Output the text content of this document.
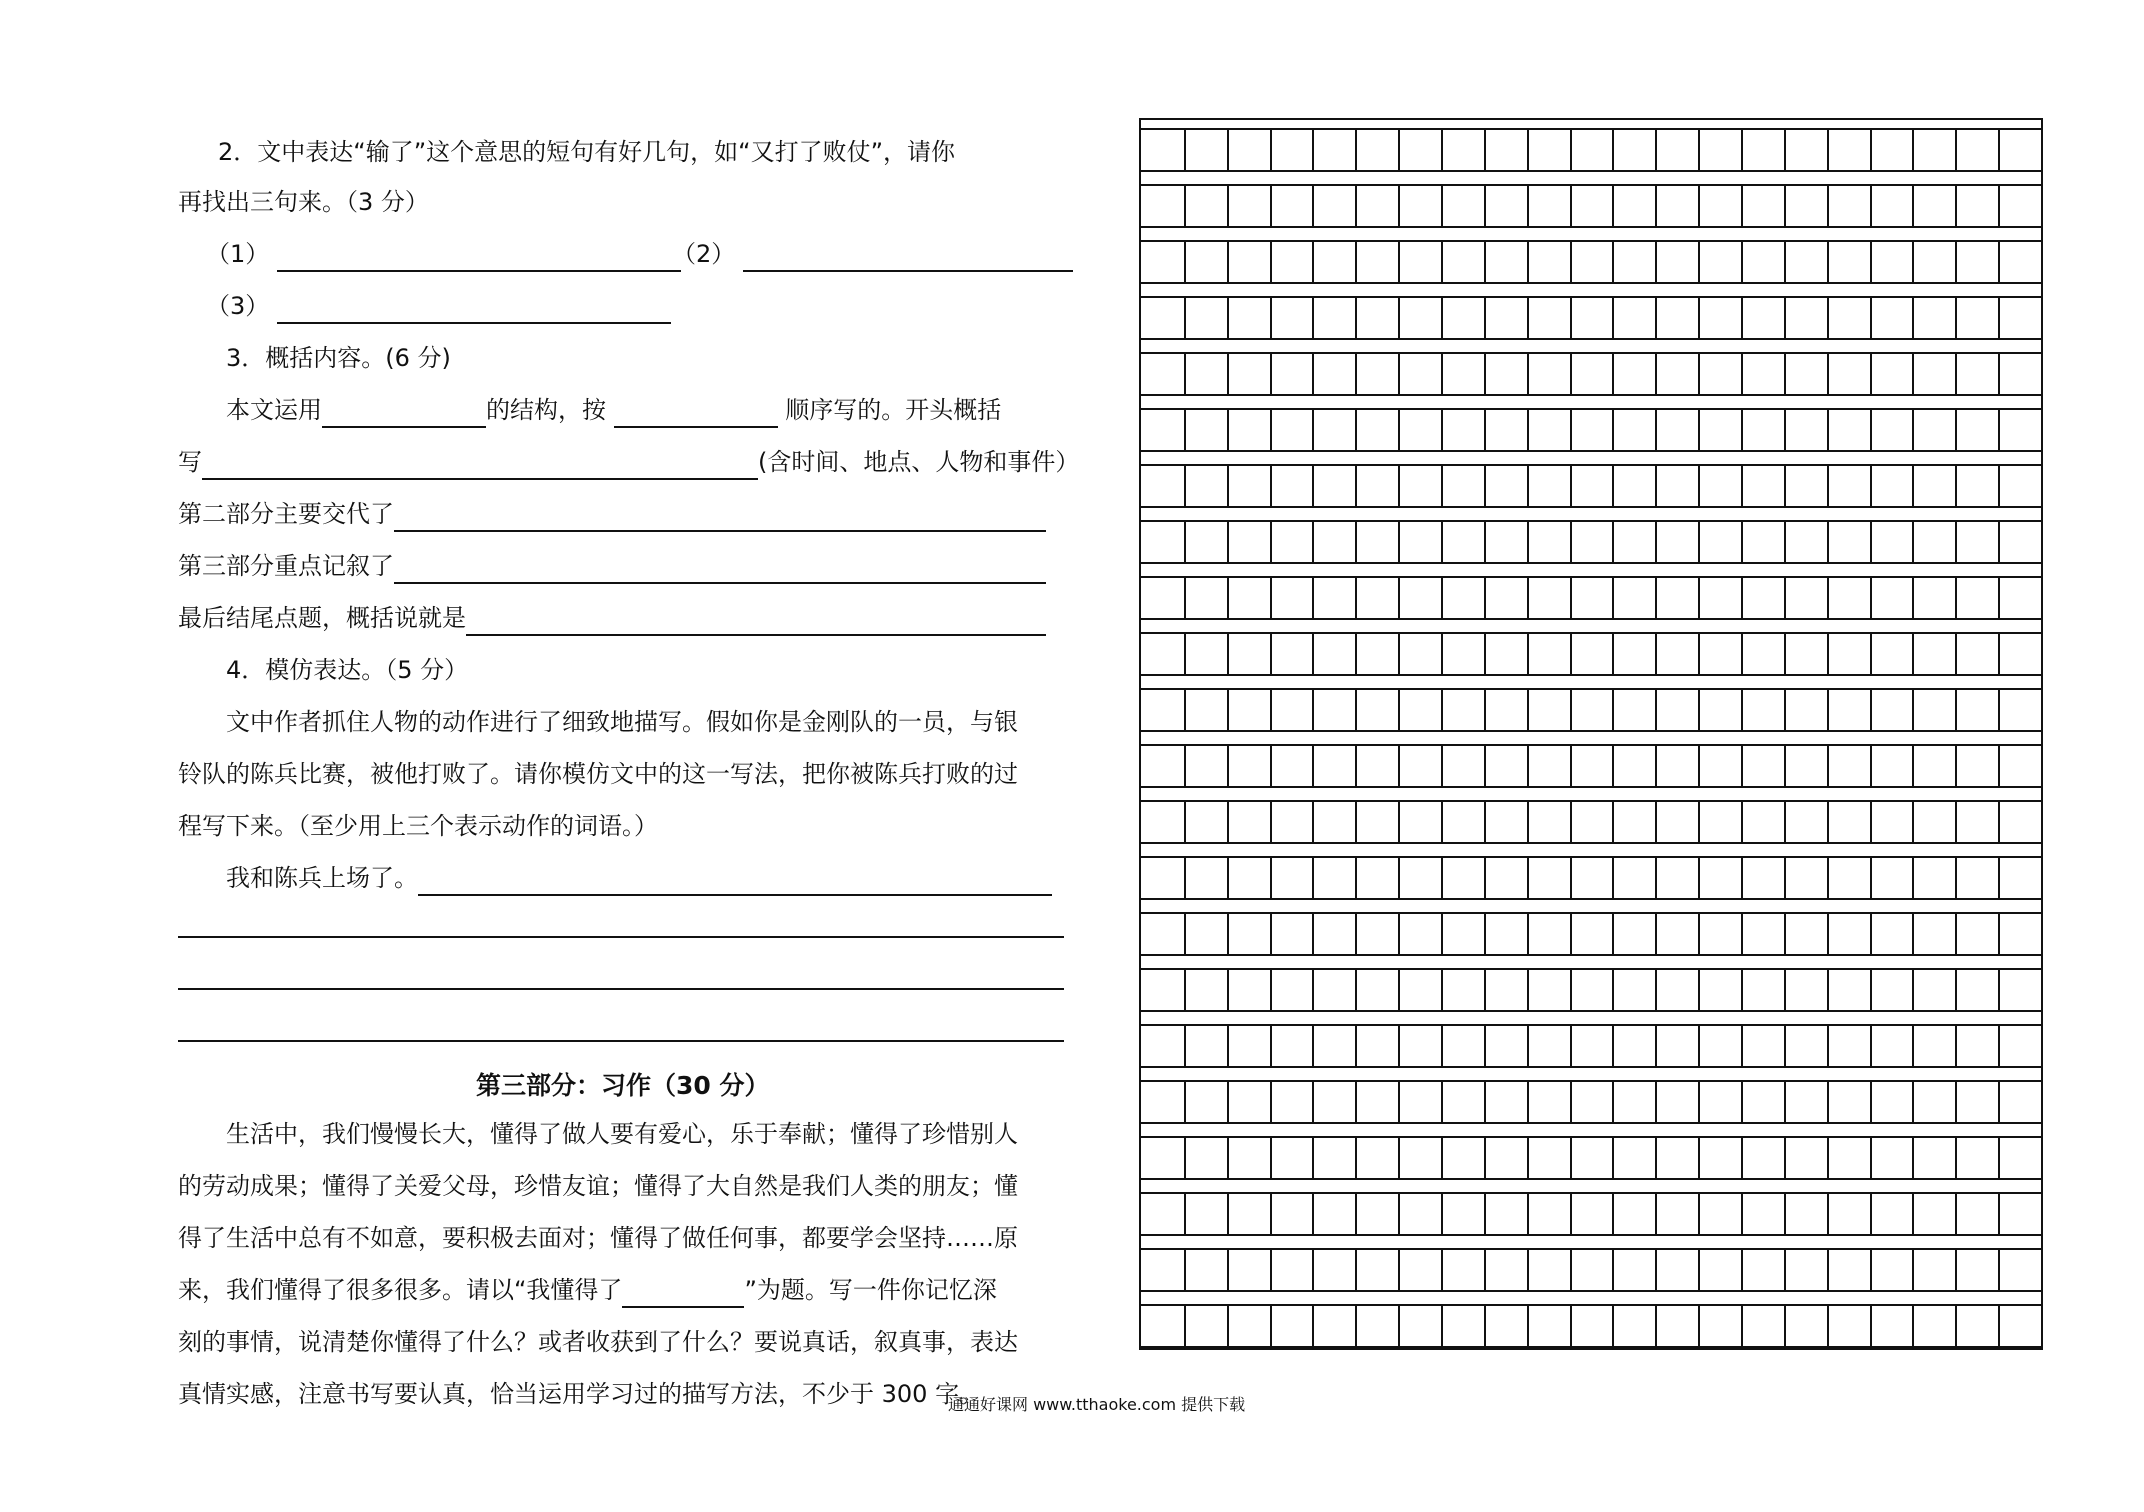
2．文中表达“输了”这个意思的短句有好几句，如“又打了败仗”，请你
再找出三句来。（3 分）
（1）	（2）
（3）
3．概括内容。(6 分)
本文运用	的结构，按	顺序写的。开头概括
写	(含时间、地点、人物和事件）
第二部分主要交代了
第三部分重点记叙了
最后结尾点题，概括说就是
4．模仿表达。（5 分）
文中作者抓住人物的动作进行了细致地描写。假如你是金刚队的一员，与银
铃队的陈兵比赛，被他打败了。请你模仿文中的这一写法，把你被陈兵打败的过
程写下来。（至少用上三个表示动作的词语。）
我和陈兵上场了。
第三部分：习作（30 分）
生活中，我们慢慢长大，懂得了做人要有爱心，乐于奉献；懂得了珍惜别人
的劳动成果；懂得了关爱父母，珍惜友谊；懂得了大自然是我们人类的朋友；懂
得了生活中总有不如意，要积极去面对；懂得了做任何事，都要学会坚持……原
来，我们懂得了很多很多。请以“我懂得了	”为题。写一件你记忆深
刻的事情，说清楚你懂得了什么？或者收获到了什么？要说真话，叙真事，表达
真情实感，注意书写要认真，恰当运用学习过的描写方法，不少于 300 字。
通通好课网 www.tthaoke.com 提供下载
